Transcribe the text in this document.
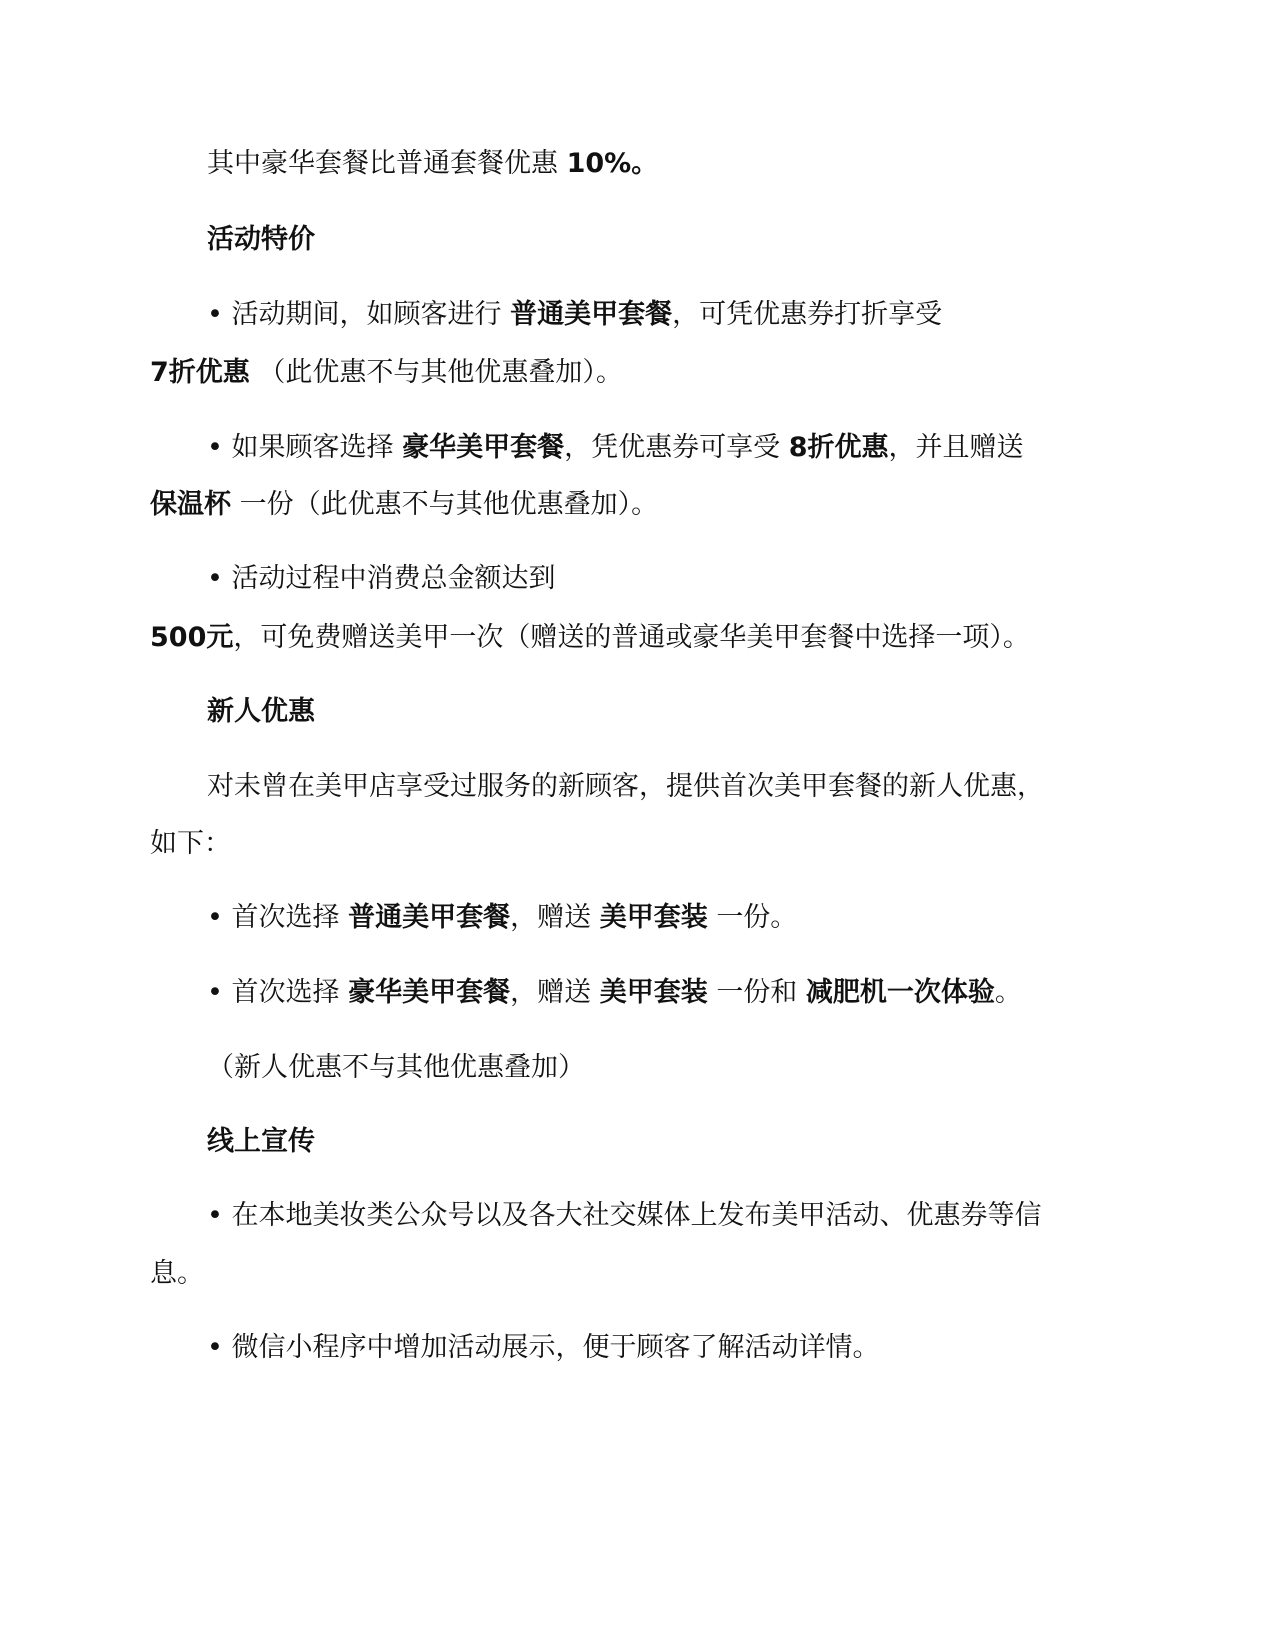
其中豪华套餐比普通套餐优惠 10%。
活动特价
• 活动期间，如顾客进行 普通美甲套餐，可凭优惠券打折享受
7折优惠 （此优惠不与其他优惠叠加）。
• 如果顾客选择 豪华美甲套餐，凭优惠券可享受 8折优惠，并且赠送
保温杯 一份（此优惠不与其他优惠叠加）。
• 活动过程中消费总金额达到
500元，可免费赠送美甲一次（赠送的普通或豪华美甲套餐中选择一项）。
新人优惠
对未曾在美甲店享受过服务的新顾客，提供首次美甲套餐的新人优惠，
如下：
• 首次选择 普通美甲套餐，赠送 美甲套装 一份。
• 首次选择 豪华美甲套餐，赠送 美甲套装 一份和 减肥机一次体验。
（新人优惠不与其他优惠叠加）
线上宣传
• 在本地美妆类公众号以及各大社交媒体上发布美甲活动、优惠券等信
息。
• 微信小程序中增加活动展示，便于顾客了解活动详情。
